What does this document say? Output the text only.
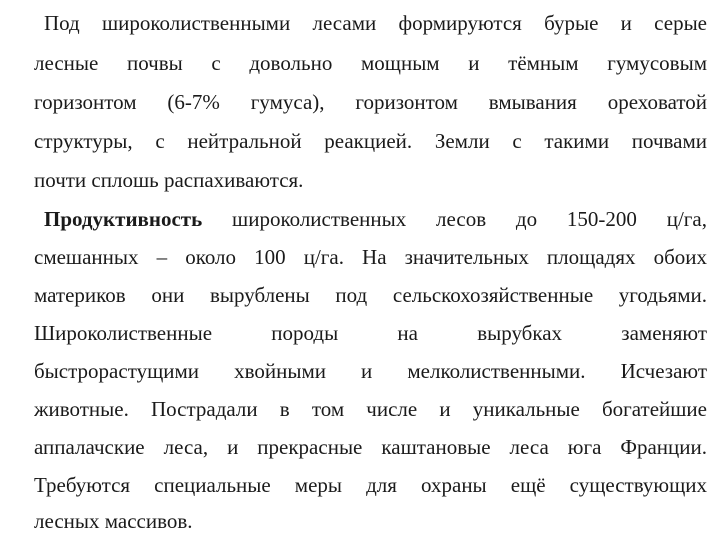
Под широколиственными лесами формируются бурые и серые
лесные почвы с довольно мощным и тёмным гумусовым
горизонтом (6-7% гумуса), горизонтом вмывания ореховатой
структуры, с нейтральной реакцией. Земли с такими почвами
почти сплошь распахиваются.
Продуктивность широколиственных лесов до 150-200 ц/га,
смешанных – около 100 ц/га. На значительных площадях обоих
материков они вырублены под сельскохозяйственные угодьями.
Широколиственные породы на вырубках заменяют
быстрорастущими хвойными и мелколиственными. Исчезают
животные. Пострадали в том числе и уникальные богатейшие
аппалачские леса, и прекрасные каштановые леса юга Франции.
Требуются специальные меры для охраны ещё существующих
лесных массивов.
